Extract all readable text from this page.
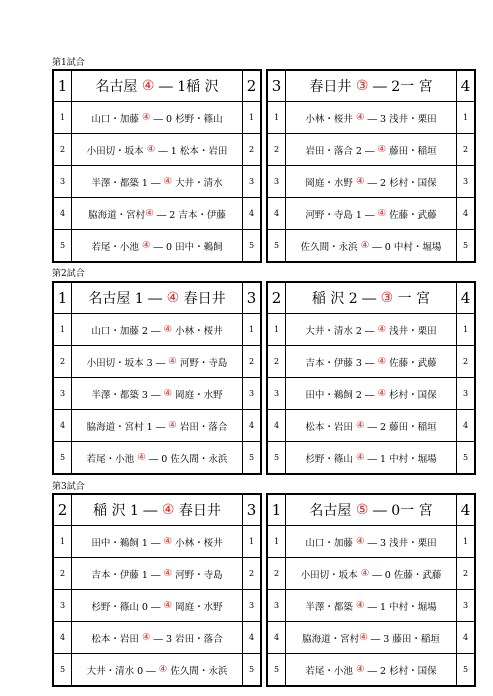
第1試合
1	名古屋 ④ ― 1稲 沢	2
1	山口・加藤 ④ ― 0 杉野・篠山	1
2	小田切・坂本 ④ ― 1 松本・岩田	2
3	半澤・都築 1 ― ④ 大井・清水	3
4	脇海道・宮村 ④ ― 2 吉本・伊藤	4
5	若尾・小池 ④ ― 0 田中・鵜飼	5
3	春日井 ③ ― 2一 宮	4
1	小林・桜井 ④ ― 3 浅井・栗田	1
2	岩田・落合 2 ― ④ 藤田・稲垣	2
3	岡庭・水野 ④ ― 2 杉村・国保	3
4	河野・寺島 1 ― ④ 佐藤・武藤	4
5	佐久間・永浜 ④ ― 0 中村・堀場	5
第2試合
1	名古屋 1 ― ④ 春日井	3
1	山口・加藤 2 ― ④ 小林・桜井	1
2	小田切・坂本 3 ― ④ 河野・寺島	2
3	半澤・都築 3 ― ④ 岡庭・水野	3
4	脇海道・宮村 1 ― ④ 岩田・落合	4
5	若尾・小池 ④ ― 0 佐久間・永浜	5
2	稲 沢 2 ― ③ 一 宮	4
1	大井・清水 2 ― ④ 浅井・栗田	1
2	吉本・伊藤 3 ― ④ 佐藤・武藤	2
3	田中・鵜飼 2 ― ④ 杉村・国保	3
4	松本・岩田 ④ ― 2 藤田・稲垣	4
5	杉野・篠山 ④ ― 1 中村・堀場	5
第3試合
2	稲 沢 1 ― ④ 春日井	3
1	田中・鵜飼 1 ― ④ 小林・桜井	1
2	吉本・伊藤 1 ― ④ 河野・寺島	2
3	杉野・篠山 0 ― ④ 岡庭・水野	3
4	松本・岩田 ④ ― 3 岩田・落合	4
5	大井・清水 0 ― ④ 佐久間・永浜	5
1	名古屋 ⑤ ― 0一 宮	4
1	山口・加藤 ④ ― 3 浅井・栗田	1
2	小田切・坂本 ④ ― 0 佐藤・武藤	2
3	半澤・都築 ④ ― 1 中村・堀場	3
4	脇海道・宮村 ④ ― 3 藤田・稲垣	4
5	若尾・小池 ④ ― 2 杉村・国保	5
